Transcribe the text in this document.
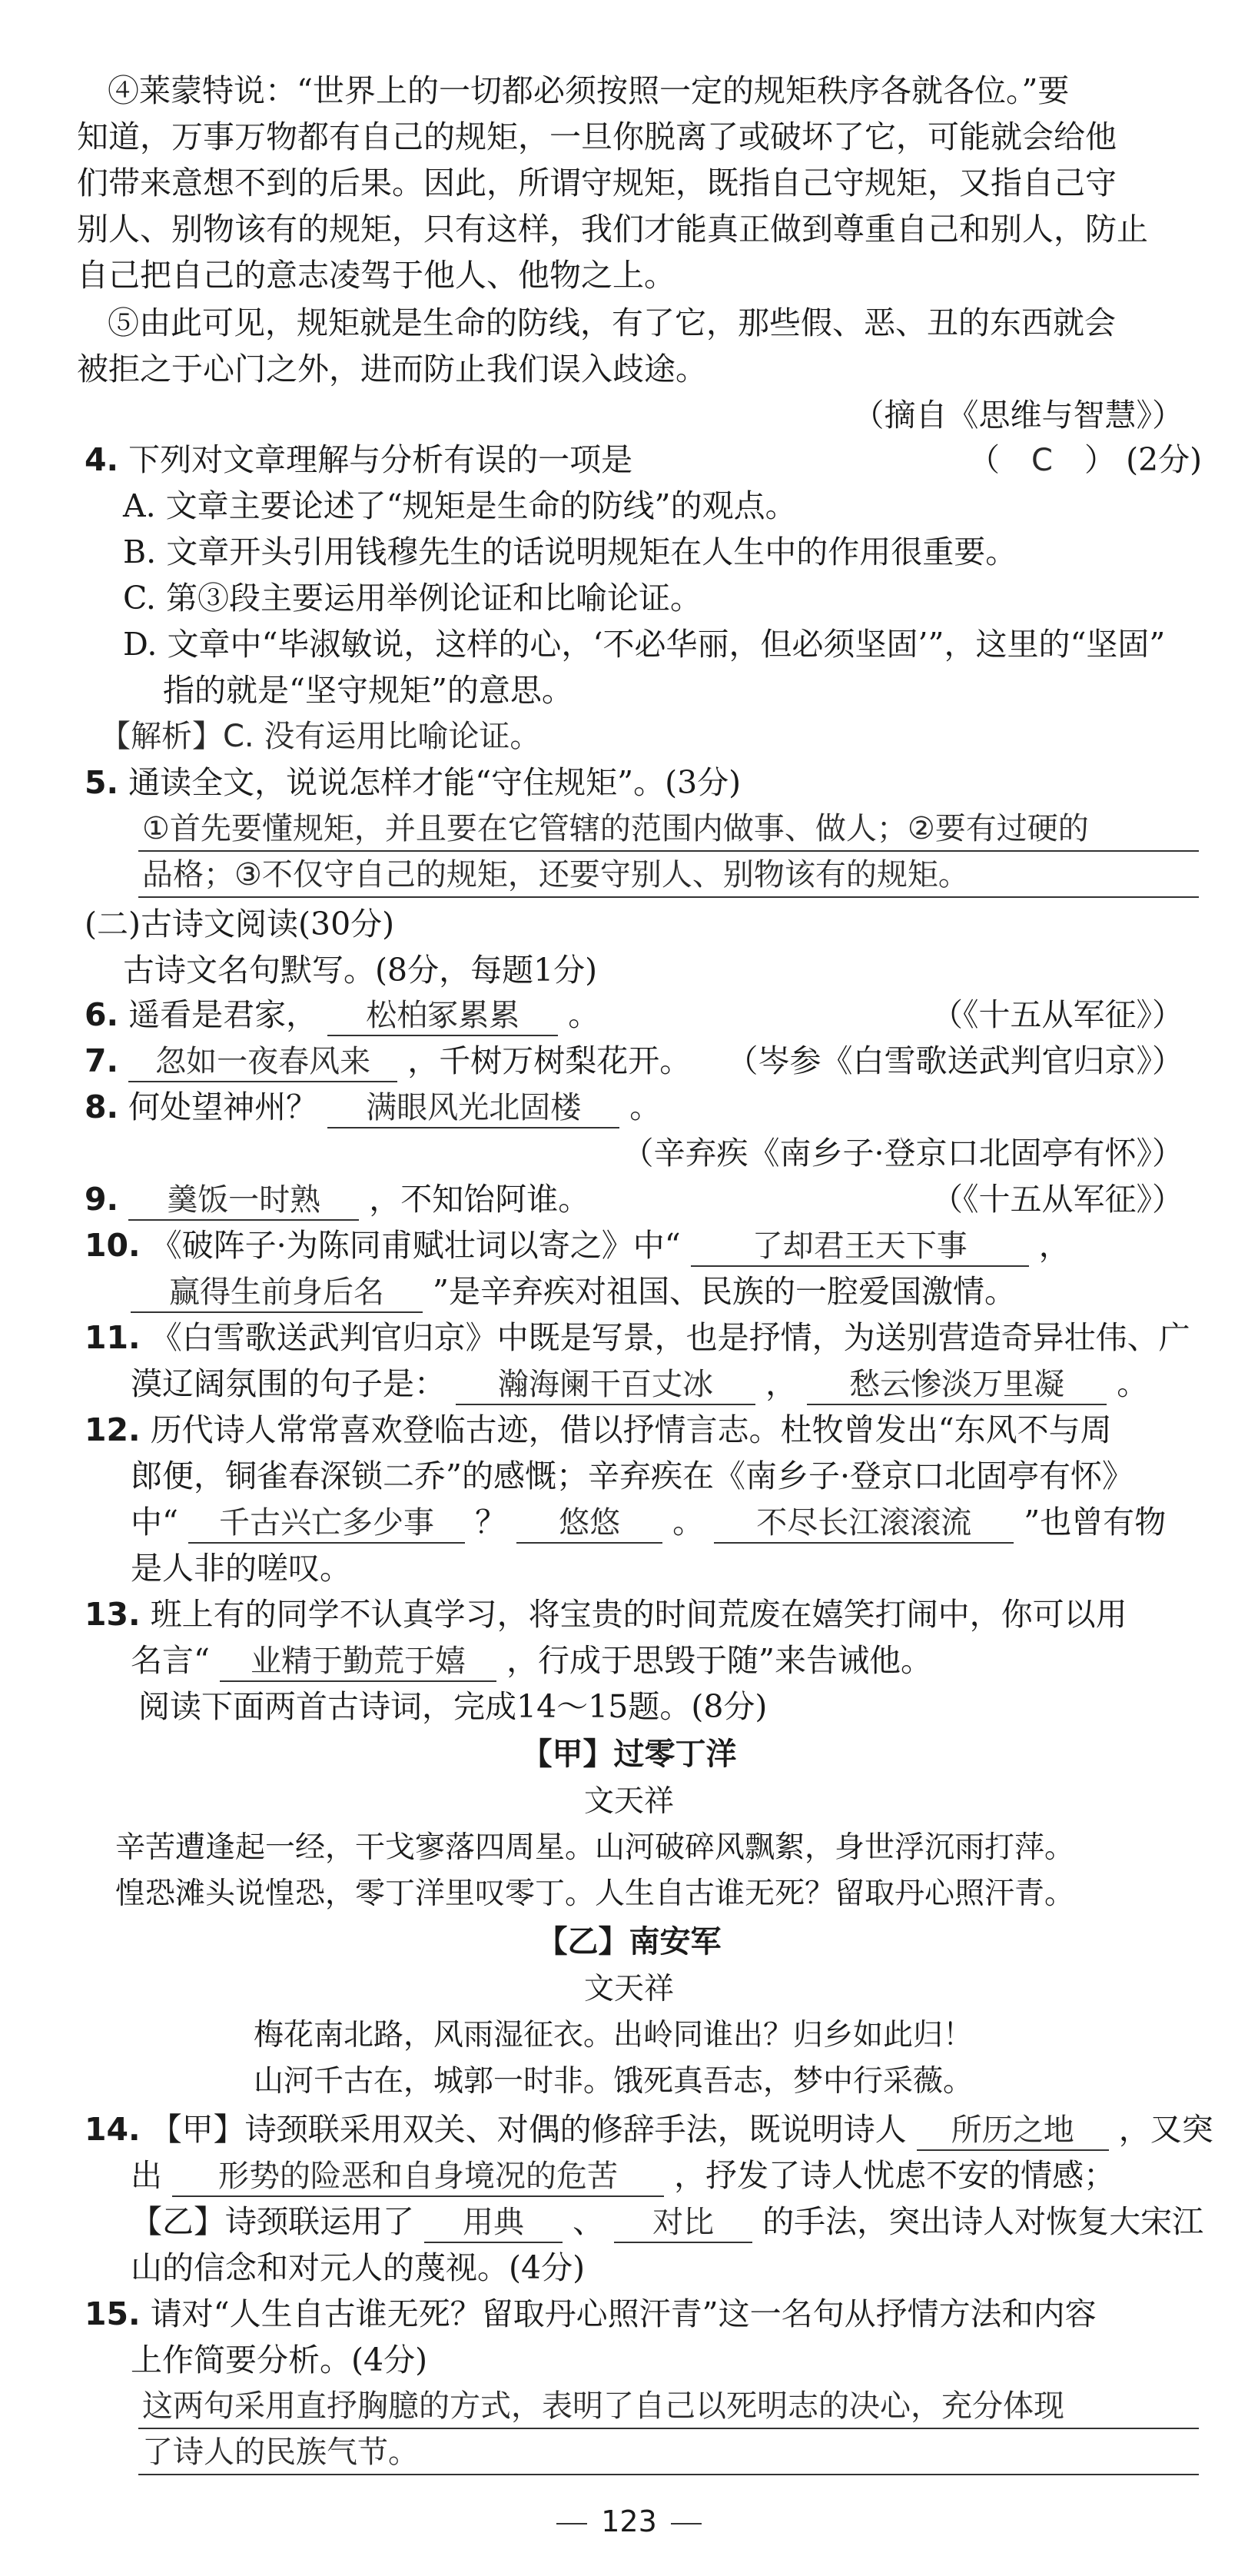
④莱蒙特说：“世界上的一切都必须按照一定的规矩秩序各就各位。”要
知道，万事万物都有自己的规矩，一旦你脱离了或破坏了它，可能就会给他
们带来意想不到的后果。因此，所谓守规矩，既指自己守规矩，又指自己守
别人、别物该有的规矩，只有这样，我们才能真正做到尊重自己和别人，防止
自己把自己的意志凌驾于他人、他物之上。
⑤由此可见，规矩就是生命的防线，有了它，那些假、恶、丑的东西就会
被拒之于心门之外，进而防止我们误入歧途。
（摘自《思维与智慧》）
4. 下列对文章理解与分析有误的一项是	（ C ） (2分)
A. 文章主要论述了“规矩是生命的防线”的观点。
B. 文章开头引用钱穆先生的话说明规矩在人生中的作用很重要。
C. 第③段主要运用举例论证和比喻论证。
D. 文章中“毕淑敏说，这样的心，‘不必华丽，但必须坚固’”，这里的“坚固”
指的就是“坚守规矩”的意思。
【解析】C. 没有运用比喻论证。
5. 通读全文，说说怎样才能“守住规矩”。(3分)
①首先要懂规矩，并且要在它管辖的范围内做事、做人；②要有过硬的
品格；③不仅守自己的规矩，还要守别人、别物该有的规矩。
(二)古诗文阅读(30分)
古诗文名句默写。(8分，每题1分)
6. 遥看是君家， 松柏冢累累 。	（《十五从军征》）
7. 忽如一夜春风来 ，千树万树梨花开。	（岑参《白雪歌送武判官归京》）
8. 何处望神州？ 满眼风光北固楼 。
（辛弃疾《南乡子·登京口北固亭有怀》）
9. 羹饭一时熟 ，不知饴阿谁。	（《十五从军征》）
10. 《破阵子·为陈同甫赋壮词以寄之》中“ 了却君王天下事 ，
赢得生前身后名 ”是辛弃疾对祖国、民族的一腔爱国激情。
11. 《白雪歌送武判官归京》中既是写景，也是抒情，为送别营造奇异壮伟、广
漠辽阔氛围的句子是： 瀚海阑干百丈冰 ， 愁云惨淡万里凝 。
12. 历代诗人常常喜欢登临古迹，借以抒情言志。杜牧曾发出“东风不与周
郎便，铜雀春深锁二乔”的感慨；辛弃疾在《南乡子·登京口北固亭有怀》
中“ 千古兴亡多少事 ？ 悠悠 。 不尽长江滚滚流 ”也曾有物
是人非的嗟叹。
13. 班上有的同学不认真学习，将宝贵的时间荒废在嬉笑打闹中，你可以用
名言“ 业精于勤荒于嬉 ，行成于思毁于随”来告诫他。
阅读下面两首古诗词，完成14～15题。(8分)
【甲】过零丁洋
文天祥
辛苦遭逢起一经，干戈寥落四周星。山河破碎风飘絮，身世浮沉雨打萍。
惶恐滩头说惶恐，零丁洋里叹零丁。人生自古谁无死？留取丹心照汗青。
【乙】南安军
文天祥
梅花南北路，风雨湿征衣。出岭同谁出？归乡如此归！
山河千古在，城郭一时非。饿死真吾志，梦中行采薇。
14. 【甲】诗颈联采用双关、对偶的修辞手法，既说明诗人 所历之地 ，又突
出 形势的险恶和自身境况的危苦 ，抒发了诗人忧虑不安的情感；
【乙】诗颈联运用了 用典 、 对比 的手法，突出诗人对恢复大宋江
山的信念和对元人的蔑视。(4分)
15. 请对“人生自古谁无死？留取丹心照汗青”这一名句从抒情方法和内容
上作简要分析。(4分)
这两句采用直抒胸臆的方式，表明了自己以死明志的决心，充分体现
了诗人的民族气节。
123
